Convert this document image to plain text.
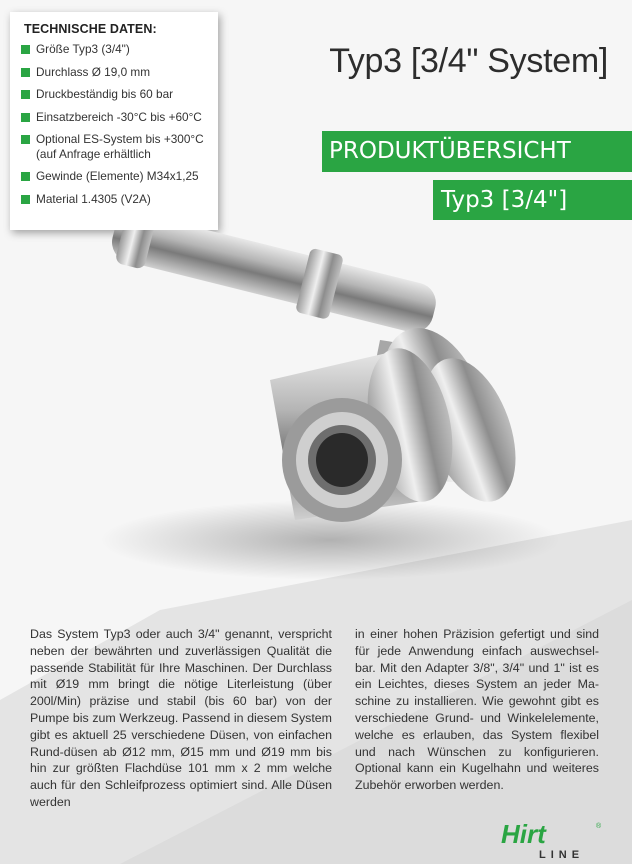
TECHNISCHE DATEN:
Größe Typ3 (3/4")
Durchlass Ø 19,0 mm
Druckbeständig bis 60 bar
Einsatzbereich -30°C bis +60°C
Optional ES-System bis +300°C (auf Anfrage erhältlich
Gewinde (Elemente) M34x1,25
Material 1.4305 (V2A)
Typ3 [3/4" System]
PRODUKTÜBERSICHT
Typ3 [3/4"]
Das System Typ3 oder auch 3/4" genannt, verspricht neben der bewährten und zuverlässigen Qualität die passende Stabilität für Ihre Maschinen. Der Durchlass mit Ø19 mm bringt die nötige Literleistung (über 200l/Min) präzise und stabil (bis 60 bar) von der Pumpe bis zum Werkzeug. Passend in diesem System gibt es aktuell 25 verschiedene Düsen, von einfachen Rund-düsen ab Ø12 mm, Ø15 mm und Ø19 mm bis hin zur größten Flachdüse 101 mm x 2 mm welche auch für den Schleifprozess optimiert sind. Alle Düsen werden
in einer hohen Präzision gefertigt und sind für jede Anwendung einfach auswechsel-bar. Mit den Adapter 3/8", 3/4" und 1" ist es ein Leichtes, dieses System an jeder Ma-schine zu installieren. Wie gewohnt gibt es verschiedene Grund- und Winkelelemente, welche es erlauben, das System flexibel und nach Wünschen zu konfigurieren. Optional kann ein Kugelhahn und weiteres Zubehör erworben werden.
Hirt	®
LINE
